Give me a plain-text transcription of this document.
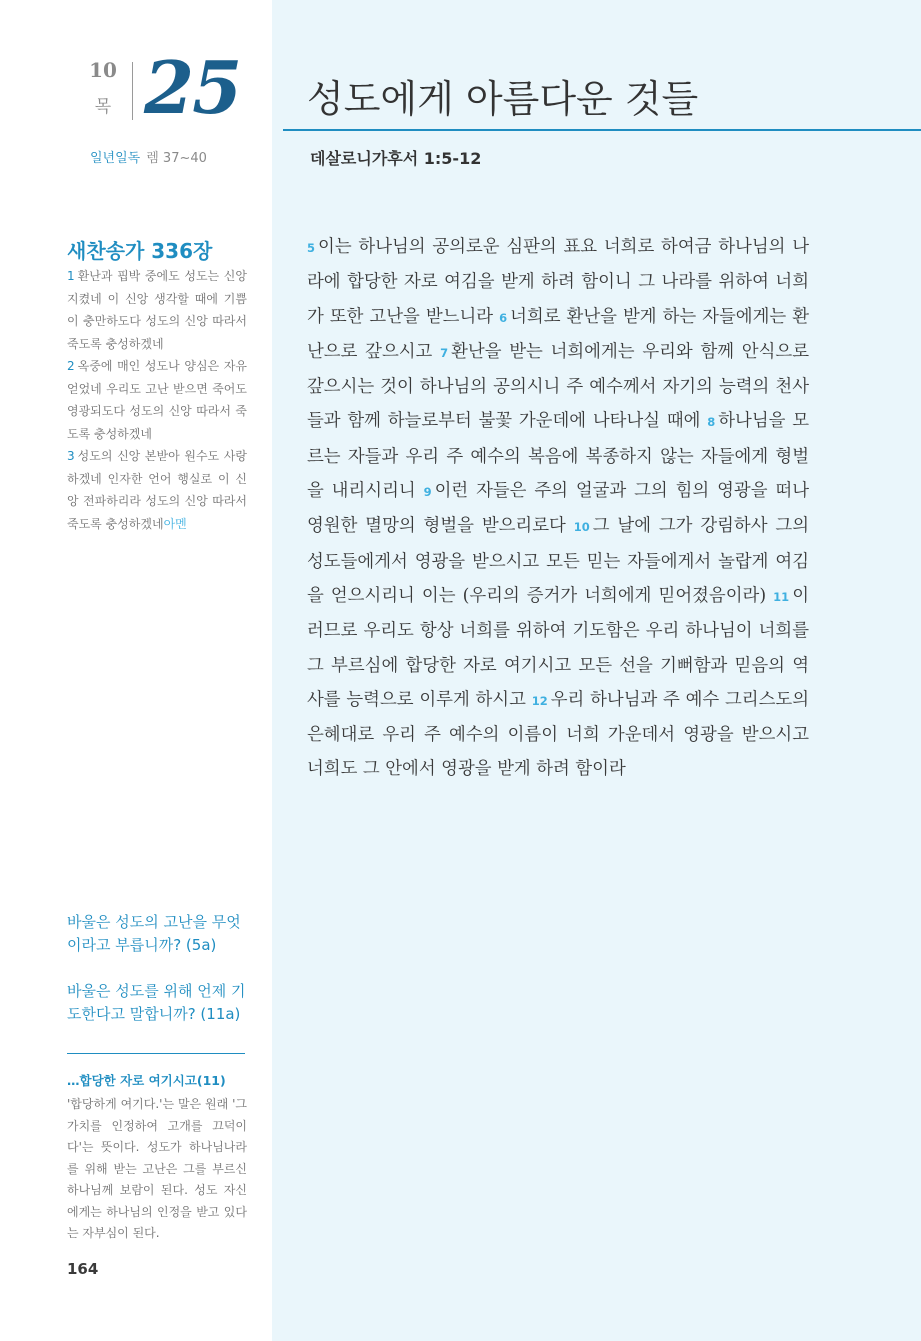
10
목 25
일년일독 렘 37~40
새찬송가 336장

1 환난과 핍박 중에도 성도는 신앙 지켰네 이 신앙 생각할 때에 기쁨이 충만하도다 성도의 신앙 따라서 죽도록 충성하겠네

2 옥중에 매인 성도나 양심은 자유 얻었네 우리도 고난 받으면 죽어도 영광되도다 성도의 신앙 따라서 죽도록 충성하겠네

3 성도의 신앙 본받아 원수도 사랑하겠네 인자한 언어 행실로 이 신앙 전파하리라 성도의 신앙 따라서 죽도록 충성하겠네아멘

바울은 성도의 고난을 무엇이라고 부릅니까? (5a)

바울은 성도를 위해 언제 기도한다고 말합니까? (11a)

…합당한 자로 여기시고(11)

'합당하게 여기다.'는 말은 원래 '그 가치를 인정하여 고개를 끄덕이다'는 뜻이다. 성도가 하나님나라를 위해 받는 고난은 그를 부르신 하나님께 보람이 된다. 성도 자신에게는 하나님의 인정을 받고 있다는 자부심이 된다.

164
성도에게 아름다운 것들
데살로니가후서 1:5-12

5 이는 하나님의 공의로운 심판의 표요 너희로 하여금 하나님의 나라에 합당한 자로 여김을 받게 하려 함이니 그 나라를 위하여 너희가 또한 고난을 받느니라 6 너희로 환난을 받게 하는 자들에게는 환난으로 갚으시고 7 환난을 받는 너희에게는 우리와 함께 안식으로 갚으시는 것이 하나님의 공의시니 주 예수께서 자기의 능력의 천사들과 함께 하늘로부터 불꽃 가운데에 나타나실 때에 8 하나님을 모르는 자들과 우리 주 예수의 복음에 복종하지 않는 자들에게 형벌을 내리시리니 9 이런 자들은 주의 얼굴과 그의 힘의 영광을 떠나 영원한 멸망의 형벌을 받으리로다 10 그 날에 그가 강림하사 그의 성도들에게서 영광을 받으시고 모든 믿는 자들에게서 놀랍게 여김을 얻으시리니 이는 (우리의 증거가 너희에게 믿어졌음이라) 11 이러므로 우리도 항상 너희를 위하여 기도함은 우리 하나님이 너희를 그 부르심에 합당한 자로 여기시고 모든 선을 기뻐함과 믿음의 역사를 능력으로 이루게 하시고 12 우리 하나님과 주 예수 그리스도의 은혜대로 우리 주 예수의 이름이 너희 가운데서 영광을 받으시고 너희도 그 안에서 영광을 받게 하려 함이라
